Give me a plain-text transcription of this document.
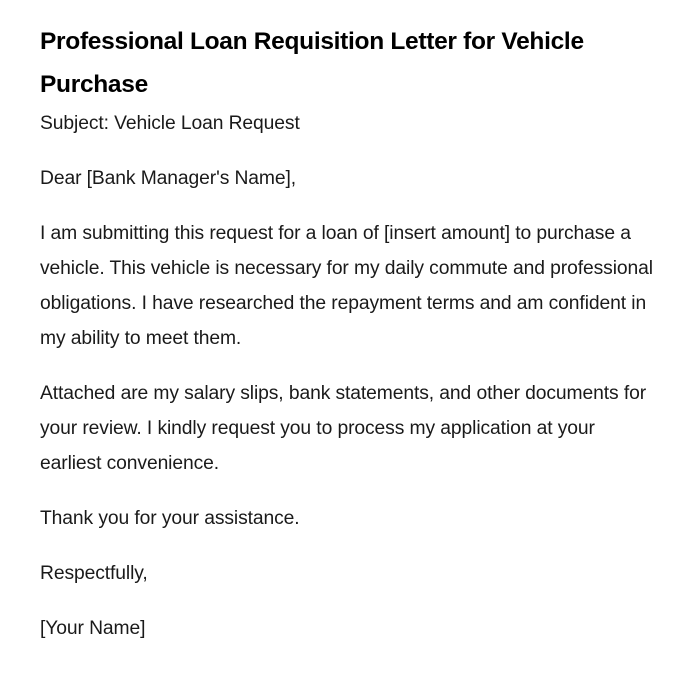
Professional Loan Requisition Letter for Vehicle Purchase

Subject: Vehicle Loan Request

Dear [Bank Manager's Name],

I am submitting this request for a loan of [insert amount] to purchase a vehicle. This vehicle is necessary for my daily commute and professional obligations. I have researched the repayment terms and am confident in my ability to meet them.

Attached are my salary slips, bank statements, and other documents for your review. I kindly request you to process my application at your earliest convenience.

Thank you for your assistance.

Respectfully,

[Your Name]
